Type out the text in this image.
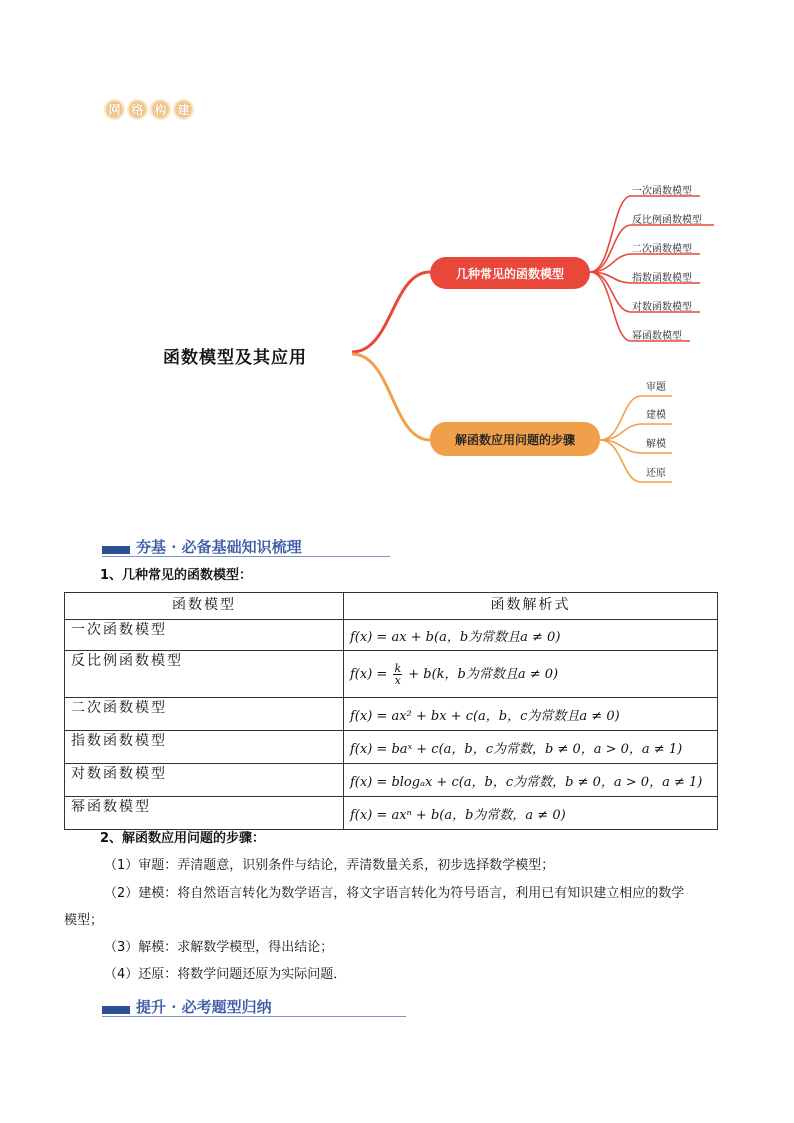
网 络 构 建
函数模型及其应用
几种常见的函数模型
解函数应用问题的步骤
一次函数模型
反比例函数模型
二次函数模型
指数函数模型
对数函数模型
幂函数模型
审题
建模
解模
还原
夯基 · 必备基础知识梳理
1、几种常见的函数模型：
函数模型	函数解析式
一次函数模型	f(x) = ax + b(a，b为常数且a ≠ 0)
反比例函数模型	$f(x) = \frac{k}{x} + b(k$，b为常数且a ≠ 0)
二次函数模型	f(x) = ax² + bx + c(a，b，c为常数且a ≠ 0)
指数函数模型	f(x) = baˣ + c(a，b，c为常数，b ≠ 0，a > 0，a ≠ 1)
对数函数模型	f(x) = blogₐx + c(a，b，c为常数，b ≠ 0，a > 0，a ≠ 1)
幂函数模型	f(x) = axⁿ + b(a，b为常数，a ≠ 0)
2、解函数应用问题的步骤：
（1）审题：弄清题意，识别条件与结论，弄清数量关系，初步选择数学模型；
（2）建模：将自然语言转化为数学语言，将文字语言转化为符号语言，利用已有知识建立相应的数学
模型；
（3）解模：求解数学模型，得出结论；
（4）还原：将数学问题还原为实际问题．
提升 · 必考题型归纳
